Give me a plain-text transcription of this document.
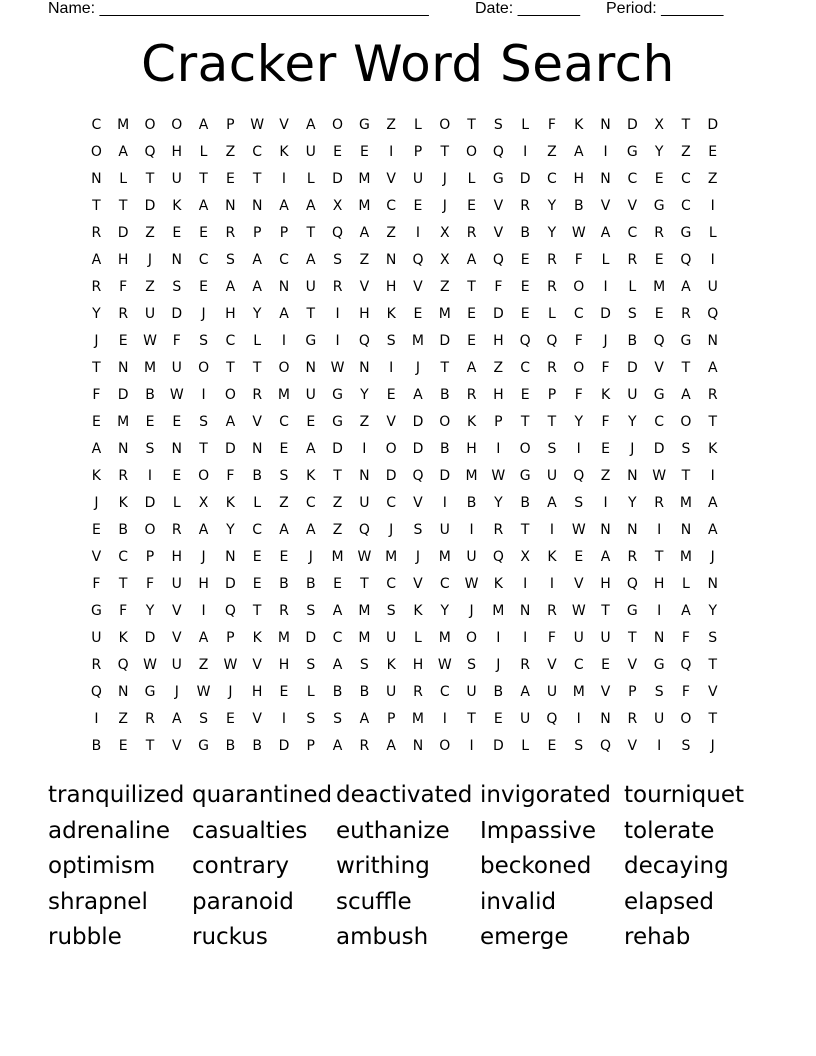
Name: _____________________________________	Date: _______ Period: _______
Cracker Word Search
C	M	O	O	A	P	W	V	A	O	G	Z	L	O	T	S	L	F	K	N	D	X	T	D
O	A	Q	H	L	Z	C	K	U	E	E	I	P	T	O	Q	I	Z	A	I	G	Y	Z	E
N	L	T	U	T	E	T	I	L	D	M	V	U	J	L	G	D	C	H	N	C	E	C	Z
T	T	D	K	A	N	N	A	A	X	M	C	E	J	E	V	R	Y	B	V	V	G	C	I
R	D	Z	E	E	R	P	P	T	Q	A	Z	I	X	R	V	B	Y	W	A	C	R	G	L
A	H	J	N	C	S	A	C	A	S	Z	N	Q	X	A	Q	E	R	F	L	R	E	Q	I
R	F	Z	S	E	A	A	N	U	R	V	H	V	Z	T	F	E	R	O	I	L	M	A	U
Y	R	U	D	J	H	Y	A	T	I	H	K	E	M	E	D	E	L	C	D	S	E	R	Q
J	E	W	F	S	C	L	I	G	I	Q	S	M	D	E	H	Q	Q	F	J	B	Q	G	N
T	N	M	U	O	T	T	O	N	W	N	I	J	T	A	Z	C	R	O	F	D	V	T	A
F	D	B	W	I	O	R	M	U	G	Y	E	A	B	R	H	E	P	F	K	U	G	A	R
E	M	E	E	S	A	V	C	E	G	Z	V	D	O	K	P	T	T	Y	F	Y	C	O	T
A	N	S	N	T	D	N	E	A	D	I	O	D	B	H	I	O	S	I	E	J	D	S	K
K	R	I	E	O	F	B	S	K	T	N	D	Q	D	M W	G	U	Q	Z	N	W	T	I
J	K	D	L	X	K	L	Z	C	Z	U	C	V	I	B	Y	B	A	S	I	Y	R	M	A
E	B	O	R	A	Y	C	A	A	Z	Q	J	S	U	I	R	T	I	W	N	N	I	N	A
V	C	P	H	J	N	E	E	J	M W M	J	M	U	Q	X	K	E	A	R	T	M	J
F	T	F	U	H	D	E	B	B	E	T	C	V	C	W	K	I	I	V	H	Q	H	L	N
G	F	Y	V	I	Q	T	R	S	A	M	S	K	Y	J	M	N	R	W	T	G	I	A	Y
U	K	D	V	A	P	K	M	D	C	M	U	L	M	O	I	I	F	U	U	T	N	F	S
R	Q	W	U	Z	W	V	H	S	A	S	K	H	W	S	J	R	V	C	E	V	G	Q	T
Q	N	G	J	W	J	H	E	L	B	B	U	R	C	U	B	A	U	M	V	P	S	F	V
I	Z	R	A	S	E	V	I	S	S	A	P	M	I	T	E	U	Q	I	N	R	U	O	T
B	E	T	V	G	B	B	D	P	A	R	A	N	O	I	D	L	E	S	Q	V	I	S	J
tranquilized quarantined deactivated invigorated tourniquet
adrenaline casualties	euthanize	Impassive	tolerate
optimism	contrary	writhing	beckoned	decaying
shrapnel	paranoid	scuffle	invalid	elapsed
rubble	ruckus	ambush	emerge	rehab
